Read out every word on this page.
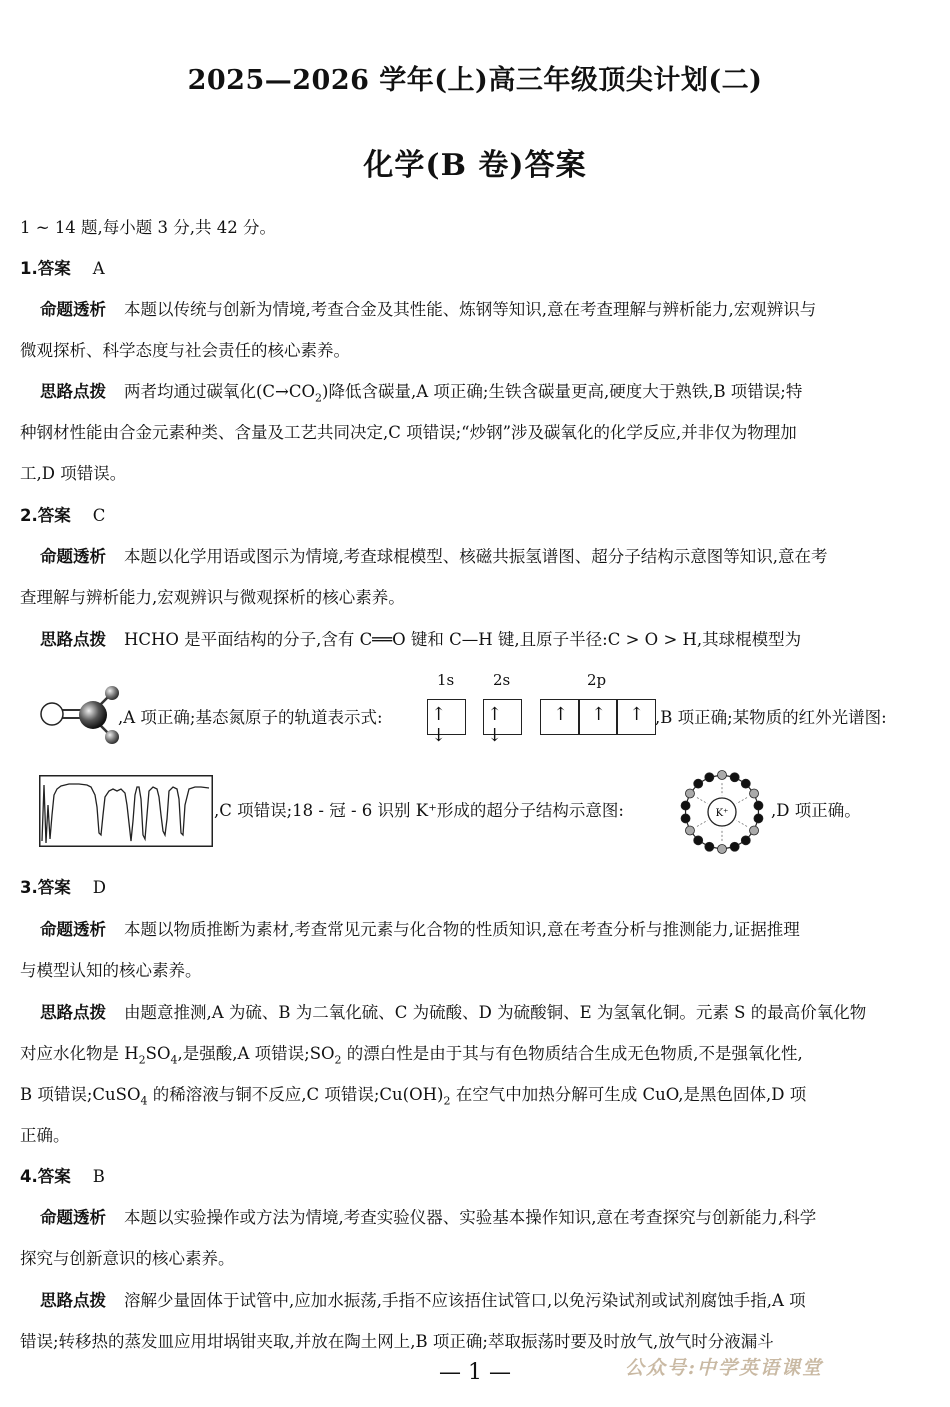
2025—2026 学年(上)高三年级顶尖计划(二)
化学(B 卷)答案
1 ~ 14 题,每小题 3 分,共 42 分。
1.答案 A
命题透析 本题以传统与创新为情境,考查合金及其性能、炼钢等知识,意在考查理解与辨析能力,宏观辨识与
微观探析、科学态度与社会责任的核心素养。
思路点拨 两者均通过碳氧化$(C\to CO_2)$降低含碳量,A 项正确;生铁含碳量更高,硬度大于熟铁,B 项错误;特
种钢材性能由合金元素种类、含量及工艺共同决定,C 项错误;“炒钢”涉及碳氧化的化学反应,并非仅为物理加
工,D 项错误。
2.答案 C
命题透析 本题以化学用语或图示为情境,考查球棍模型、核磁共振氢谱图、超分子结构示意图等知识,意在考
查理解与辨析能力,宏观辨识与微观探析的核心素养。
思路点拨 HCHO 是平面结构的分子,含有 C══O 键和 C—H 键,且原子半径:C > O > H,其球棍模型为
,A 项正确;基态氮原子的轨道表示式:
1s	2s	2p
↑ ↓
↑ ↓
↑ ↑ ↑ ,B 项正确;某物质的红外光谱图:
,C 项错误;18 - 冠 - 6 识别 K⁺形成的超分子结构示意图:	K⁺	,D 项正确。
3.答案 D
命题透析 本题以物质推断为素材,考查常见元素与化合物的性质知识,意在考查分析与推测能力,证据推理
与模型认知的核心素养。
思路点拨 由题意推测,A 为硫、B 为二氧化硫、C 为硫酸、D 为硫酸铜、E 为氢氧化铜。元素 S 的最高价氧化物
对应水化物是 $H_2SO_4$,是强酸,A 项错误$;SO_2$ 的漂白性是由于其与有色物质结合生成无色物质,不是强氧化性,
B 项错误;CuSO$_4$ 的稀溶液与铜不反应,C 项错误$;Cu(OH)_2$ 在空气中加热分解可生成 CuO,是黑色固体,D 项
正确。
4.答案 B
命题透析 本题以实验操作或方法为情境,考查实验仪器、实验基本操作知识,意在考查探究与创新能力,科学
探究与创新意识的核心素养。
思路点拨 溶解少量固体于试管中,应加水振荡,手指不应该捂住试管口,以免污染试剂或试剂腐蚀手指,A 项
错误;转移热的蒸发皿应用坩埚钳夹取,并放在陶土网上,B 项正确;萃取振荡时要及时放气,放气时分液漏斗
— 1 —	公众号:中学英语课堂
